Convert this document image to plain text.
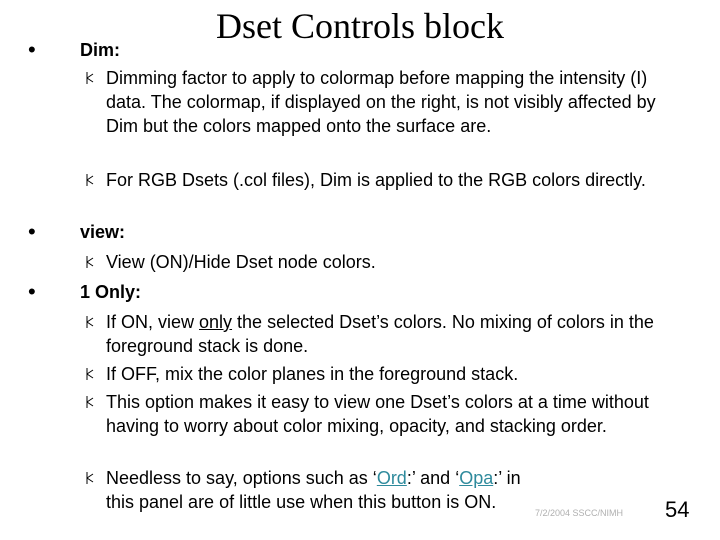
Dset Controls block
• Dim:
Dimming factor to apply to colormap before mapping the intensity (I) data. The colormap, if displayed on the right, is not visibly affected by Dim but the colors mapped onto the surface are.
For RGB Dsets (.col files), Dim is applied to the RGB colors directly.
• view:
View (ON)/Hide Dset node colors.
• 1 Only:
If ON, view only the selected Dset’s colors. No mixing of colors in the foreground stack is done.
If OFF, mix the color planes in the foreground stack.
This option makes it easy to view one Dset’s colors at a time without having to worry about color mixing, opacity, and stacking order.
Needless to say, options such as ‘Ord:’ and ‘Opa:’ in this panel are of little use when this button is ON.
7/2/2004 SSCC/NIMH 54
